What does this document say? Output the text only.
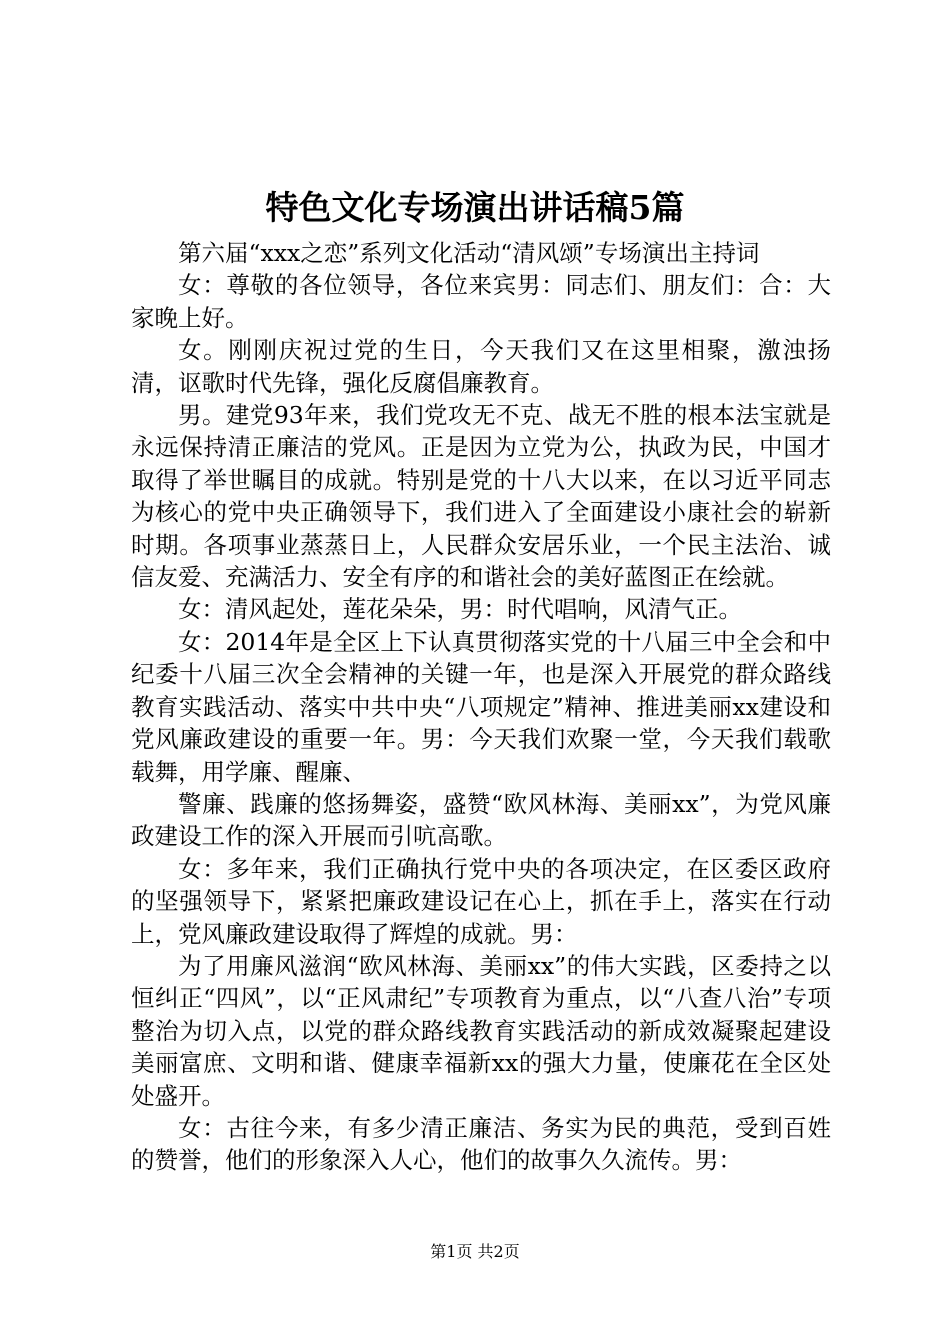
特色文化专场演出讲话稿5篇

第六届“xxx之恋”系列文化活动“清风颂”专场演出主持词

女：尊敬的各位领导，各位来宾男：同志们、朋友们：合：大家晚上好。

女。刚刚庆祝过党的生日，今天我们又在这里相聚，激浊扬清，讴歌时代先锋，强化反腐倡廉教育。

男。建党93年来，我们党攻无不克、战无不胜的根本法宝就是永远保持清正廉洁的党风。正是因为立党为公，执政为民，中国才取得了举世瞩目的成就。特别是党的十八大以来，在以习近平同志为核心的党中央正确领导下，我们进入了全面建设小康社会的崭新时期。各项事业蒸蒸日上，人民群众安居乐业，一个民主法治、诚信友爱、充满活力、安全有序的和谐社会的美好蓝图正在绘就。

女：清风起处，莲花朵朵，男：时代唱响，风清气正。

女：2014年是全区上下认真贯彻落实党的十八届三中全会和中纪委十八届三次全会精神的关键一年，也是深入开展党的群众路线教育实践活动、落实中共中央“八项规定”精神、推进美丽xx建设和党风廉政建设的重要一年。男：今天我们欢聚一堂，今天我们载歌载舞，用学廉、醒廉、

警廉、践廉的悠扬舞姿，盛赞“欧风林海、美丽xx”，为党风廉政建设工作的深入开展而引吭高歌。

女：多年来，我们正确执行党中央的各项决定，在区委区政府的坚强领导下，紧紧把廉政建设记在心上，抓在手上，落实在行动上，党风廉政建设取得了辉煌的成就。男：

为了用廉风滋润“欧风林海、美丽xx”的伟大实践，区委持之以恒纠正“四风”，以“正风肃纪”专项教育为重点，以“八查八治”专项整治为切入点，以党的群众路线教育实践活动的新成效凝聚起建设美丽富庶、文明和谐、健康幸福新xx的强大力量，使廉花在全区处处盛开。

女：古往今来，有多少清正廉洁、务实为民的典范，受到百姓的赞誉，他们的形象深入人心，他们的故事久久流传。男：

第1页 共2页
